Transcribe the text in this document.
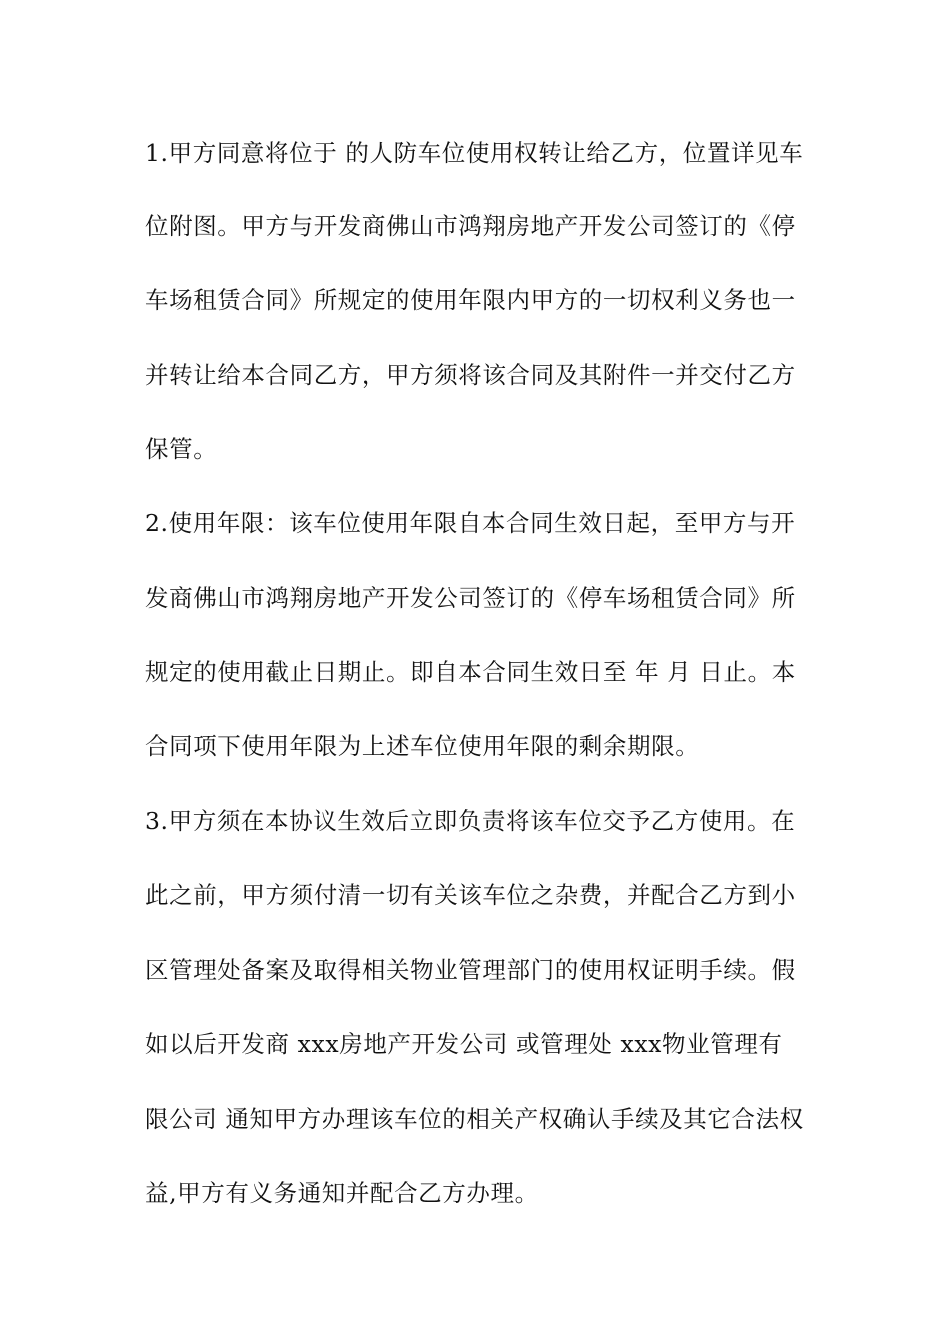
1.甲方同意将位于 的人防车位使用权转让给乙方，位置详见车
位附图。甲方与开发商佛山市鸿翔房地产开发公司签订的《停
车场租赁合同》所规定的使用年限内甲方的一切权利义务也一
并转让给本合同乙方，甲方须将该合同及其附件一并交付乙方
保管。
2.使用年限：该车位使用年限自本合同生效日起，至甲方与开
发商佛山市鸿翔房地产开发公司签订的《停车场租赁合同》所
规定的使用截止日期止。即自本合同生效日至 年 月 日止。本
合同项下使用年限为上述车位使用年限的剩余期限。
3.甲方须在本协议生效后立即负责将该车位交予乙方使用。在
此之前，甲方须付清一切有关该车位之杂费，并配合乙方到小
区管理处备案及取得相关物业管理部门的使用权证明手续。假
如以后开发商 xxx房地产开发公司 或管理处 xxx物业管理有
限公司 通知甲方办理该车位的相关产权确认手续及其它合法权
益,甲方有义务通知并配合乙方办理。
